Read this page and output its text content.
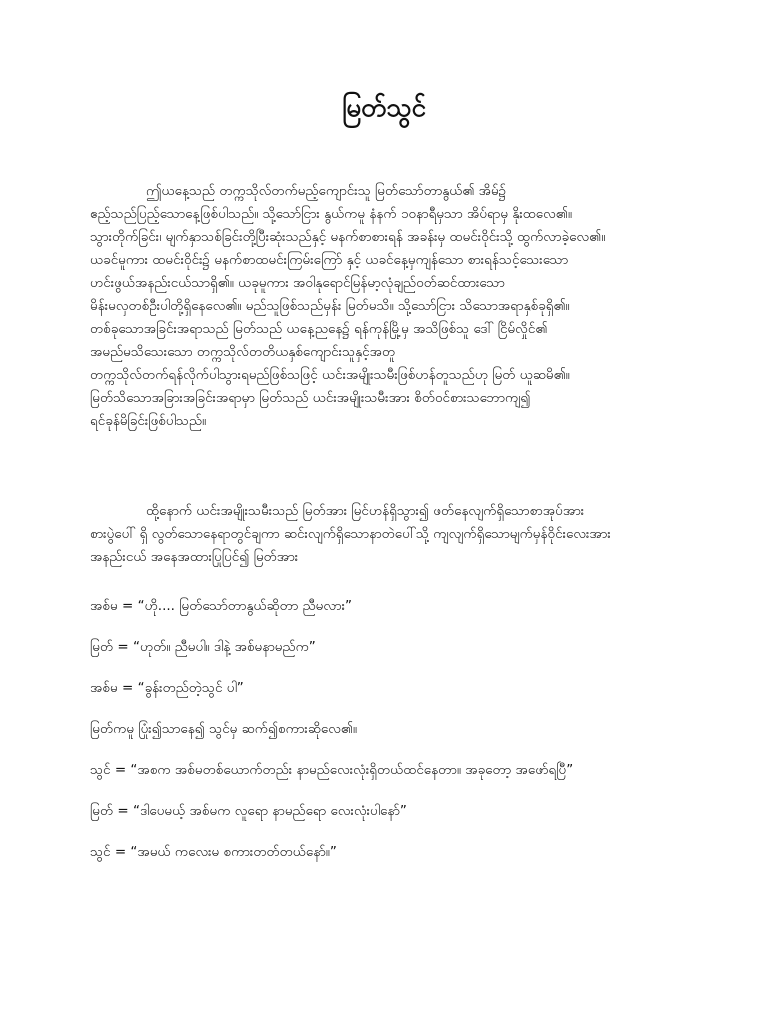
မြတ်သွင်
ဤယနေ့သည် တက္ကသိုလ်တက်မည့်ကျောင်းသူ မြတ်သော်တာနွယ်၏ အိမ်၌
ဧည့်သည်ပြည့်သောနေ့ဖြစ်ပါသည်။ သို့သော်ငြား နွယ်ကမူ နံနက် ၁၀နာရီမှသာ အိပ်ရာမှ နိုးထလေ၏။
သွားတိုက်ခြင်း၊ မျက်နှာသစ်ခြင်းတို့ပြီးဆုံးသည်နှင့် မနက်စာစားရန် အခန်းမှ ထမင်းဝိုင်းသို့ ထွက်လာခဲ့လေ၏။
ယခင်မူကား ထမင်းဝိုင်း၌ မနက်စာထမင်းကြမ်းကြော် နှင့် ယခင်နေ့မှကျန်သော စားရန်သင့်သေးသော
ဟင်းဖွယ်အနည်းငယ်သာရှိ၏။ ယခုမူကား အဝါနုရောင်မြန်မာ့လုံချည်ဝတ်ဆင်ထားသော
မိန်းမလှတစ်ဦးပါတို့ရှိနေလေ၏။ မည်သူဖြစ်သည်မှန်း မြတ်မသိ။ သို့သော်ငြား သိသောအရာနှစ်ခုရှိ၏။
တစ်ခုသောအခြင်းအရာသည် မြတ်သည် ယနေ့ညနေ၌ ရန်ကုန်မြို့မှ အသိဖြစ်သူ ဒေါ် ငြိမ်လှိုင်၏
အမည်မသိသေးသော တက္ကသိုလ်တတိယနှစ်ကျောင်းသူနှင့်အတူ
တက္ကသိုလ်တက်ရန်လိုက်ပါသွားရမည်ဖြစ်သဖြင့် ယင်းအမျိုးသမီးဖြစ်ဟန်တူသည်ဟု မြတ် ယူဆမိ၏။
မြတ်သိသောအခြားအခြင်းအရာမှာ မြတ်သည် ယင်းအမျိုးသမီးအား စိတ်ဝင်စားသဘောကျ၍
ရင်ခုန်မိခြင်းဖြစ်ပါသည်။
ထို့နောက် ယင်းအမျိုးသမီးသည် မြတ်အား မြင်ဟန်ရှိသွား၍ ဖတ်နေလျက်ရှိသောစာအုပ်အား
စားပွဲပေါ် ရှိ လွတ်သောနေရာတွင်ချကာ ဆင်းလျက်ရှိသောနာတဲပေါ်သို့ ကျလျက်ရှိသောမျက်မှန်ဝိုင်းလေးအား
အနည်းငယ် အနေအထားပြုပြင်၍ မြတ်အား
အစ်မ = “ဟို.... မြတ်သော်တာနွယ်ဆိုတာ ညီမလား”
မြတ် = “ဟုတ်။ ညီမပါ။ ဒါနဲ့ အစ်မနာမည်က”
အစ်မ = “ခွန်းတည်တဲ့သွင် ပါ”
မြတ်ကမူ ပြုံး၍သာနေ၍ သွင်မှ ဆက်၍စကားဆိုလေ၏။
သွင် = “အစက အစ်မတစ်ယောက်တည်း နာမည်လေးလုံးရှိတယ်ထင်နေတာ။ အခုတော့ အဖော်ရပြီ”
မြတ် = “ဒါပေမယ့် အစ်မက လူရော နာမည်ရော လေးလုံးပါနော်”
သွင် = “အမယ် ကလေးမ စကားတတ်တယ်နော်။”
